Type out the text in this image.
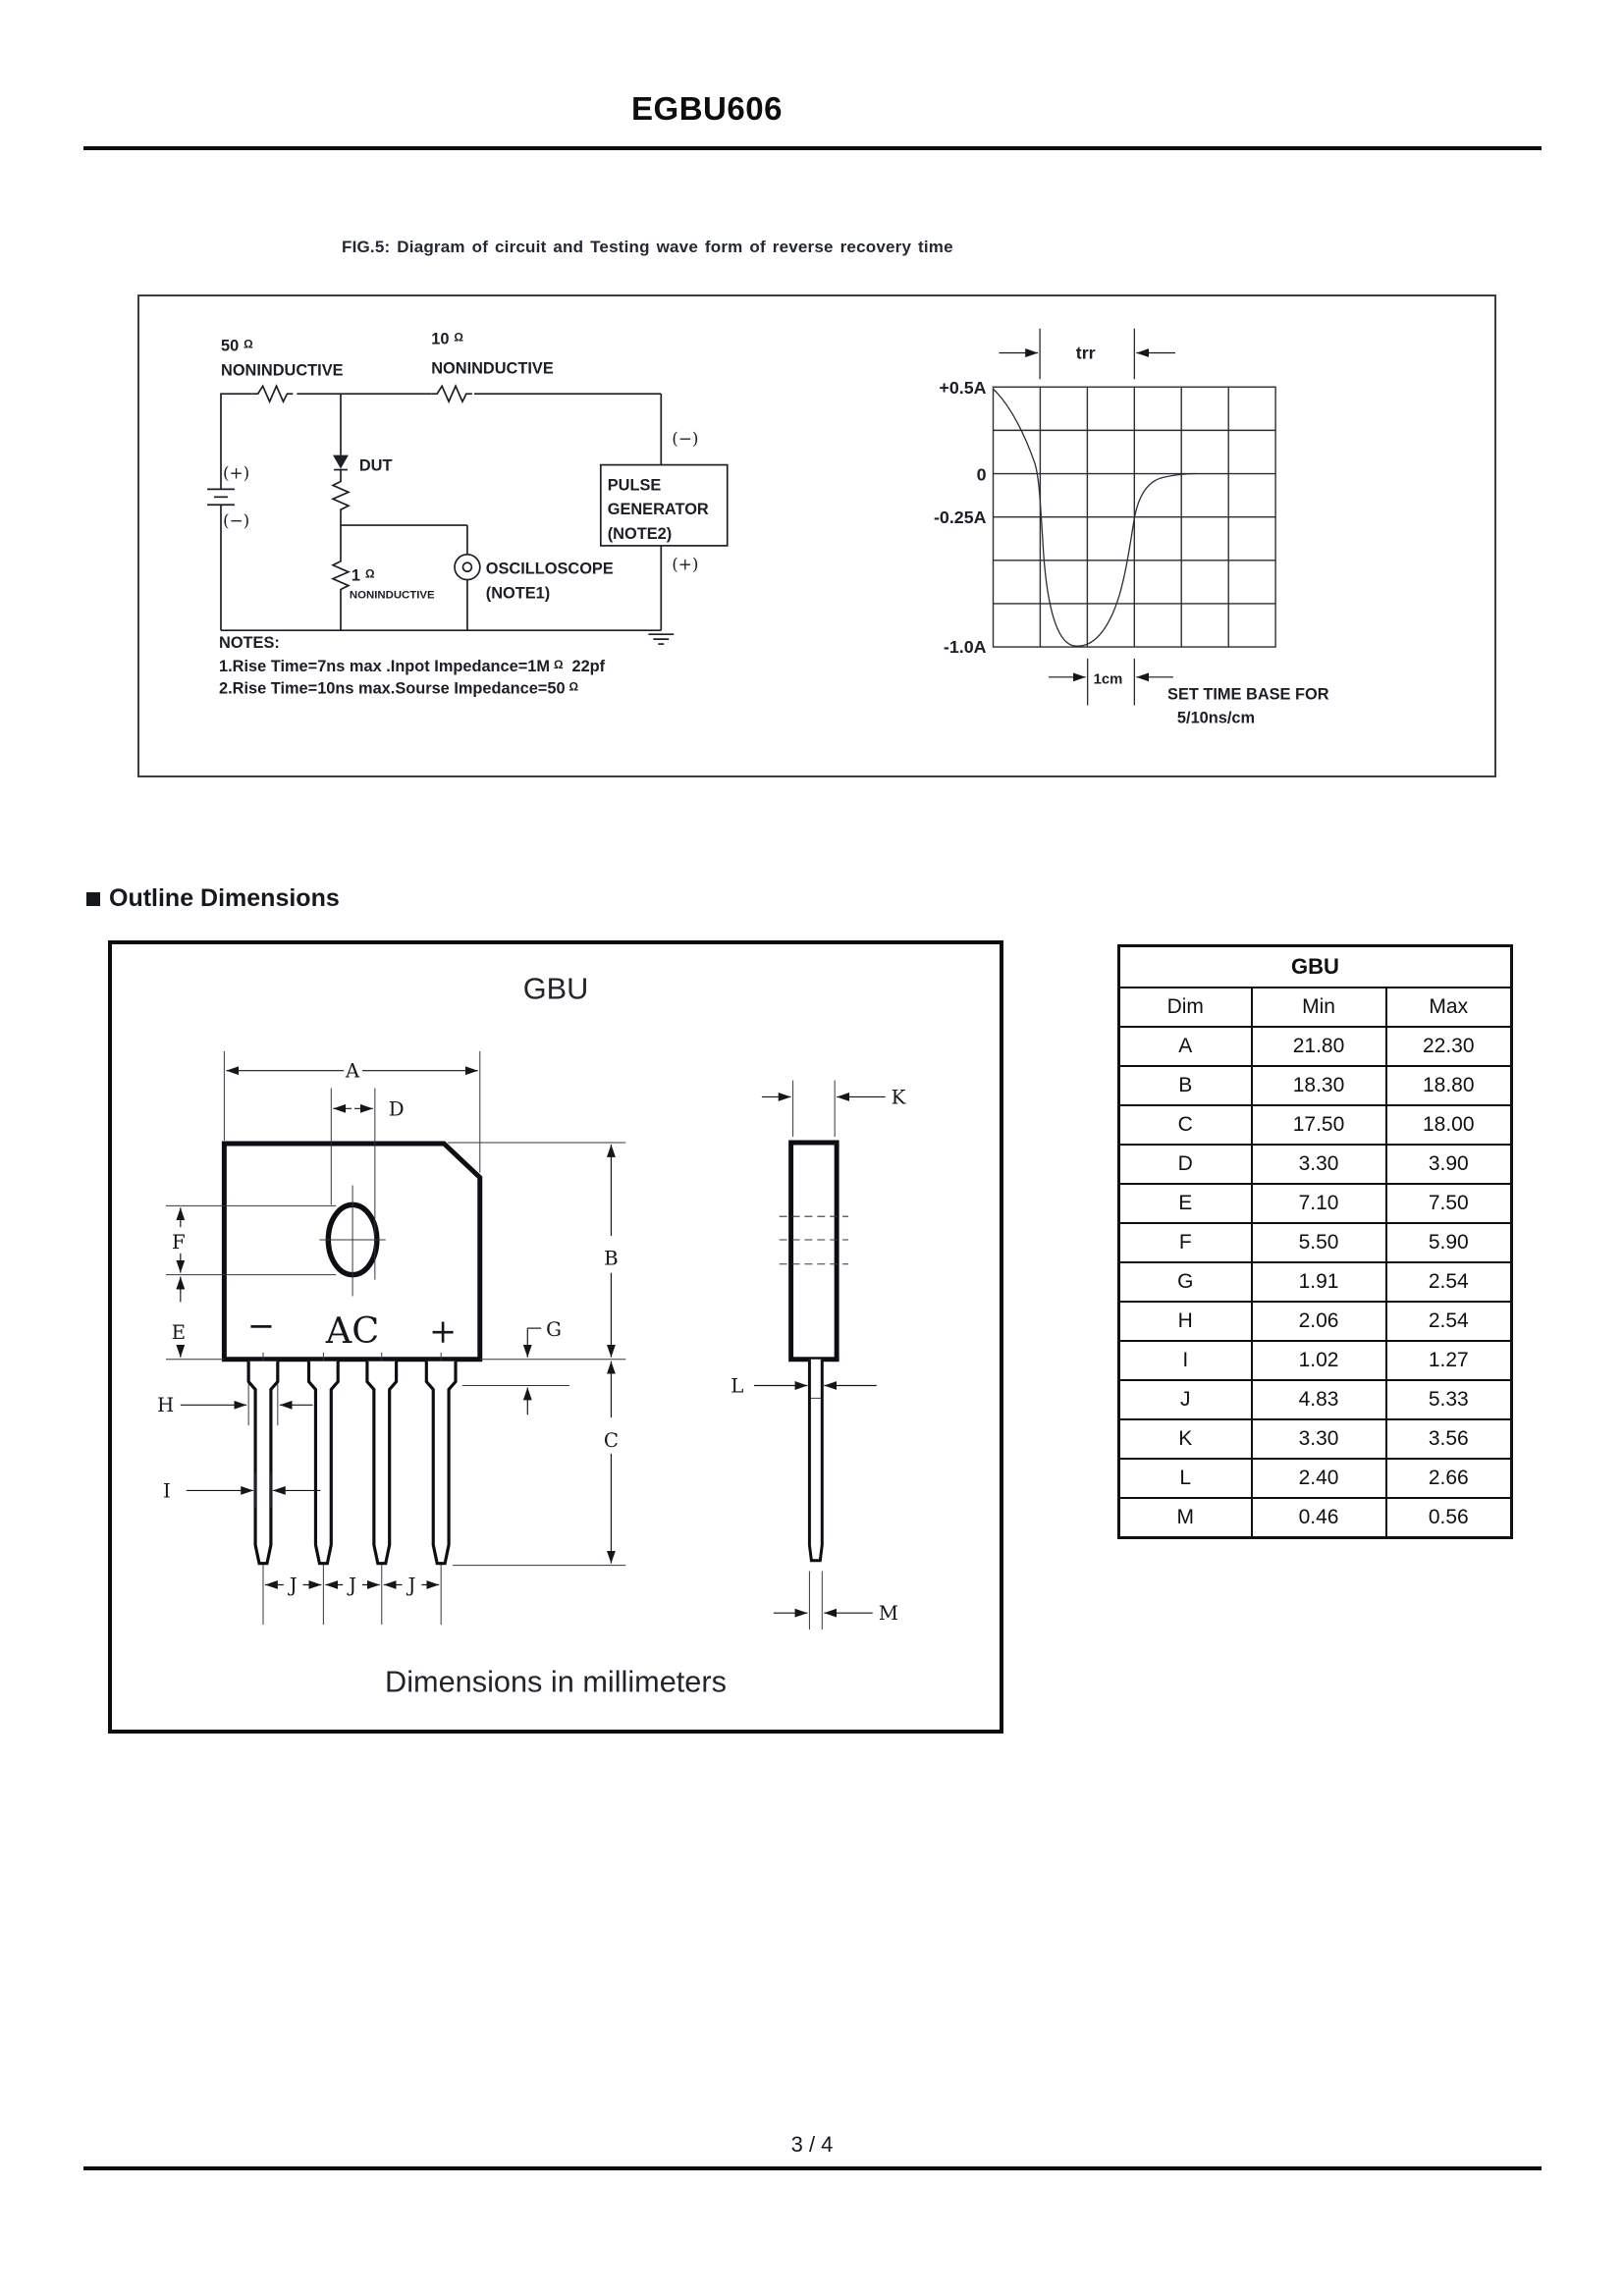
EGBU606
FIG.5: Diagram of circuit and Testing wave form of reverse recovery time
PULSE
GENERATOR
(NOTE2)
50 Ω
NONINDUCTIVE
10 Ω
NONINDUCTIVE
DUT
(+)
(−)
(−)
(+)
OSCILLOSCOPE
(NOTE1)
1 Ω
NONINDUCTIVE
NOTES:
1.Rise Time=7ns max .Inpot Impedance=1M Ω 22pf
2.Rise Time=10ns max.Sourse Impedance=50 Ω
trr
+0.5A
0
-0.25A
-1.0A
1cm
SET TIME BASE FOR
5/10ns/cm
Outline Dimensions
GBU
− AC +
A
D
F
E
H
I
J	J	J
G
B
C
K
L
M
Dimensions in millimeters
GBU		
Dim	Min	Max
A	21.80	22.30
B	18.30	18.80
C	17.50	18.00
D	3.30	3.90
E	7.10	7.50
F	5.50	5.90
G	1.91	2.54
H	2.06	2.54
I	1.02	1.27
J	4.83	5.33
K	3.30	3.56
L	2.40	2.66
M	0.46	0.56
3 / 4
